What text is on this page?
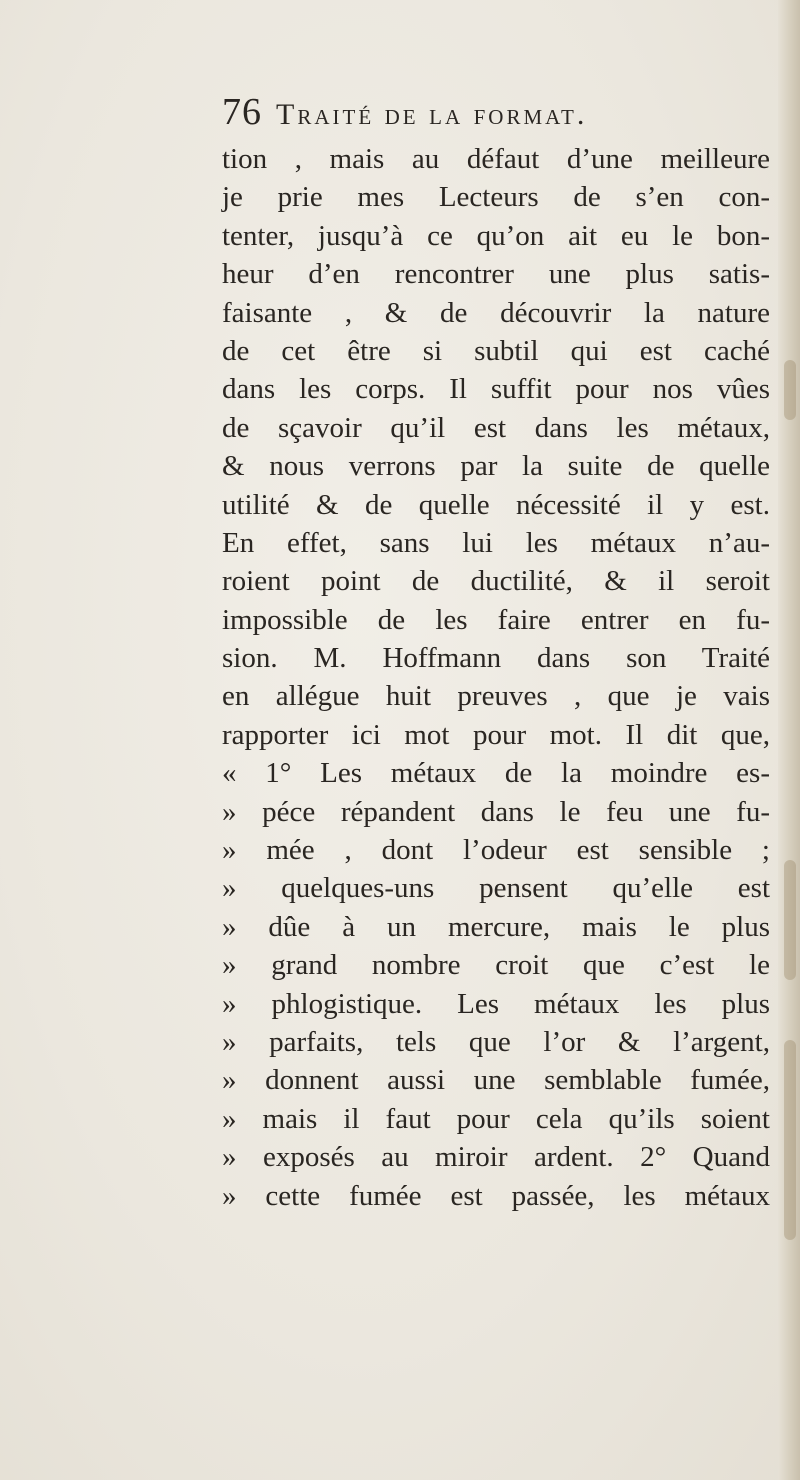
76 Traité de la format.
tion , mais au défaut d’une meilleure
je prie mes Lecteurs de s’en con-
tenter, jusqu’à ce qu’on ait eu le bon-
heur d’en rencontrer une plus satis-
faisante , & de découvrir la nature
de cet être si subtil qui est caché
dans les corps. Il suffit pour nos vûes
de sçavoir qu’il est dans les métaux,
& nous verrons par la suite de quelle
utilité & de quelle nécessité il y est.
En effet, sans lui les métaux n’au-
roient point de ductilité, & il seroit
impossible de les faire entrer en fu-
sion. M. Hoffmann dans son Traité
en allégue huit preuves , que je vais
rapporter ici mot pour mot. Il dit que,
« 1° Les métaux de la moindre es-
» péce répandent dans le feu une fu-
» mée , dont l’odeur est sensible ;
» quelques-uns pensent qu’elle est
» dûe à un mercure, mais le plus
» grand nombre croit que c’est le
» phlogistique. Les métaux les plus
» parfaits, tels que l’or & l’argent,
» donnent aussi une semblable fumée,
» mais il faut pour cela qu’ils soient
» exposés au miroir ardent. 2° Quand
» cette fumée est passée, les métaux
